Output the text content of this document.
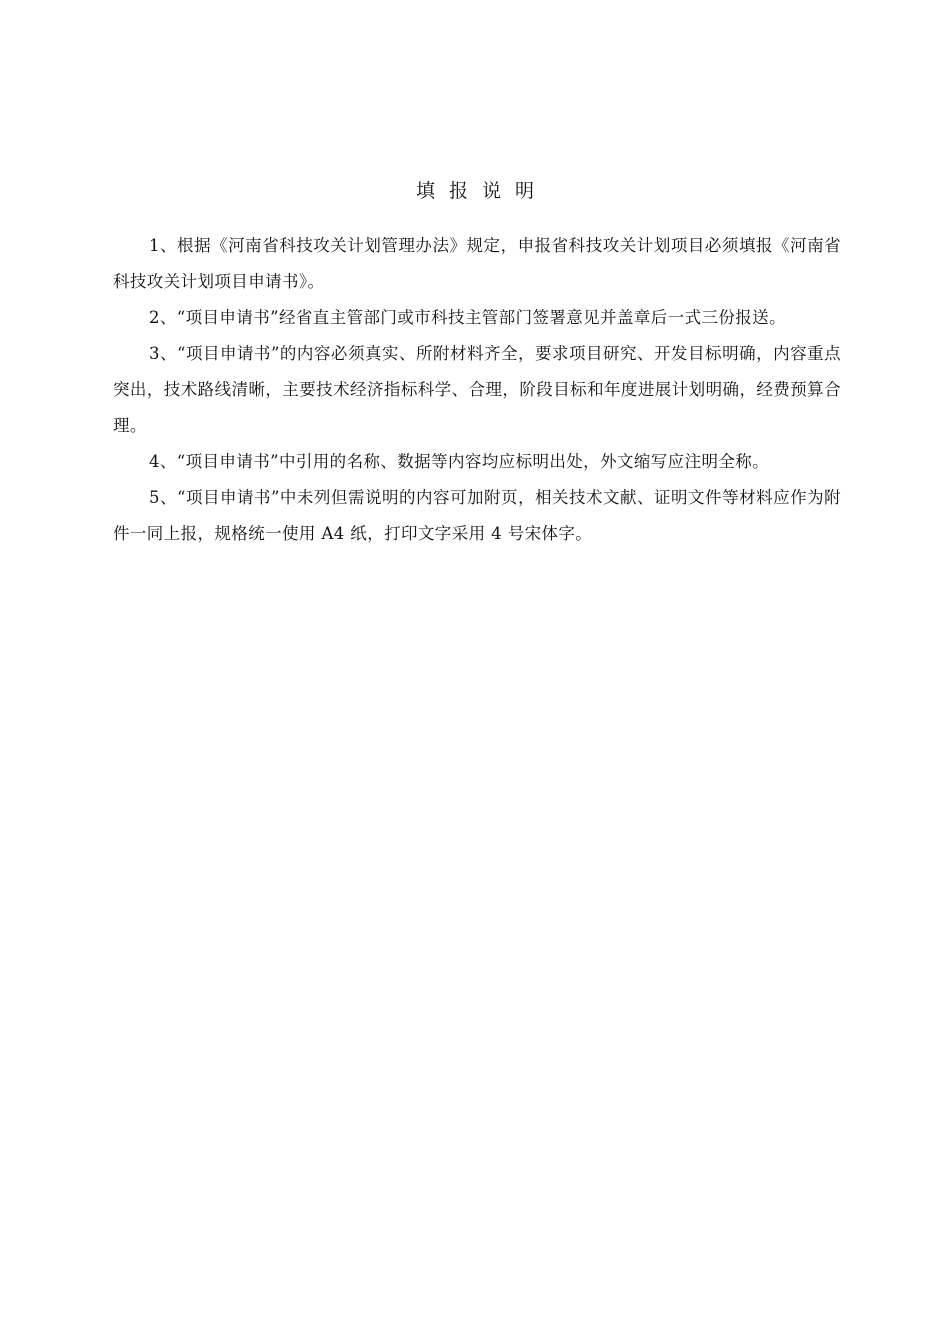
填报说明

1、根据《河南省科技攻关计划管理办法》规定，申报省科技攻关计划项目必须填报《河南省科技攻关计划项目申请书》。

2、“项目申请书”经省直主管部门或市科技主管部门签署意见并盖章后一式三份报送。

3、“项目申请书”的内容必须真实、所附材料齐全，要求项目研究、开发目标明确，内容重点突出，技术路线清晰，主要技术经济指标科学、合理，阶段目标和年度进展计划明确，经费预算合理。

4、“项目申请书”中引用的名称、数据等内容均应标明出处，外文缩写应注明全称。

5、“项目申请书”中未列但需说明的内容可加附页，相关技术文献、证明文件等材料应作为附件一同上报，规格统一使用 A4 纸，打印文字采用 4 号宋体字。
